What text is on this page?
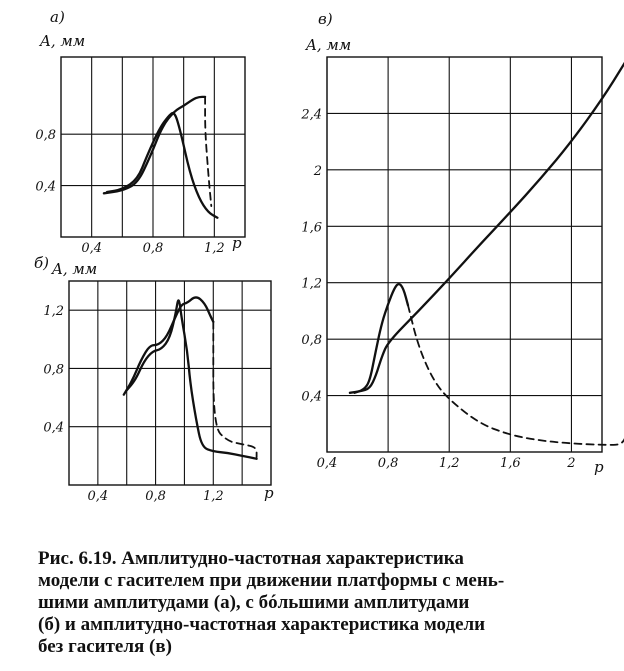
a)
A, мм
p
0,4	0,8	1,2
0,4
0,8
б) A, мм
p
0,4	0,8	1,2
0,4
0,8
1,2
в)
A, мм
p
0,4	0,8	1,2	1,6	2
0,4
0,8
1,2
1,6
2
2,4
Рис. 6.19. Амплитудно-частотная характеристика
модели с гасителем при движении платформы с мень-
шими амплитудами (а), с бóльшими амплитудами
(б) и амплитудно-частотная характеристика модели
без гасителя (в)
